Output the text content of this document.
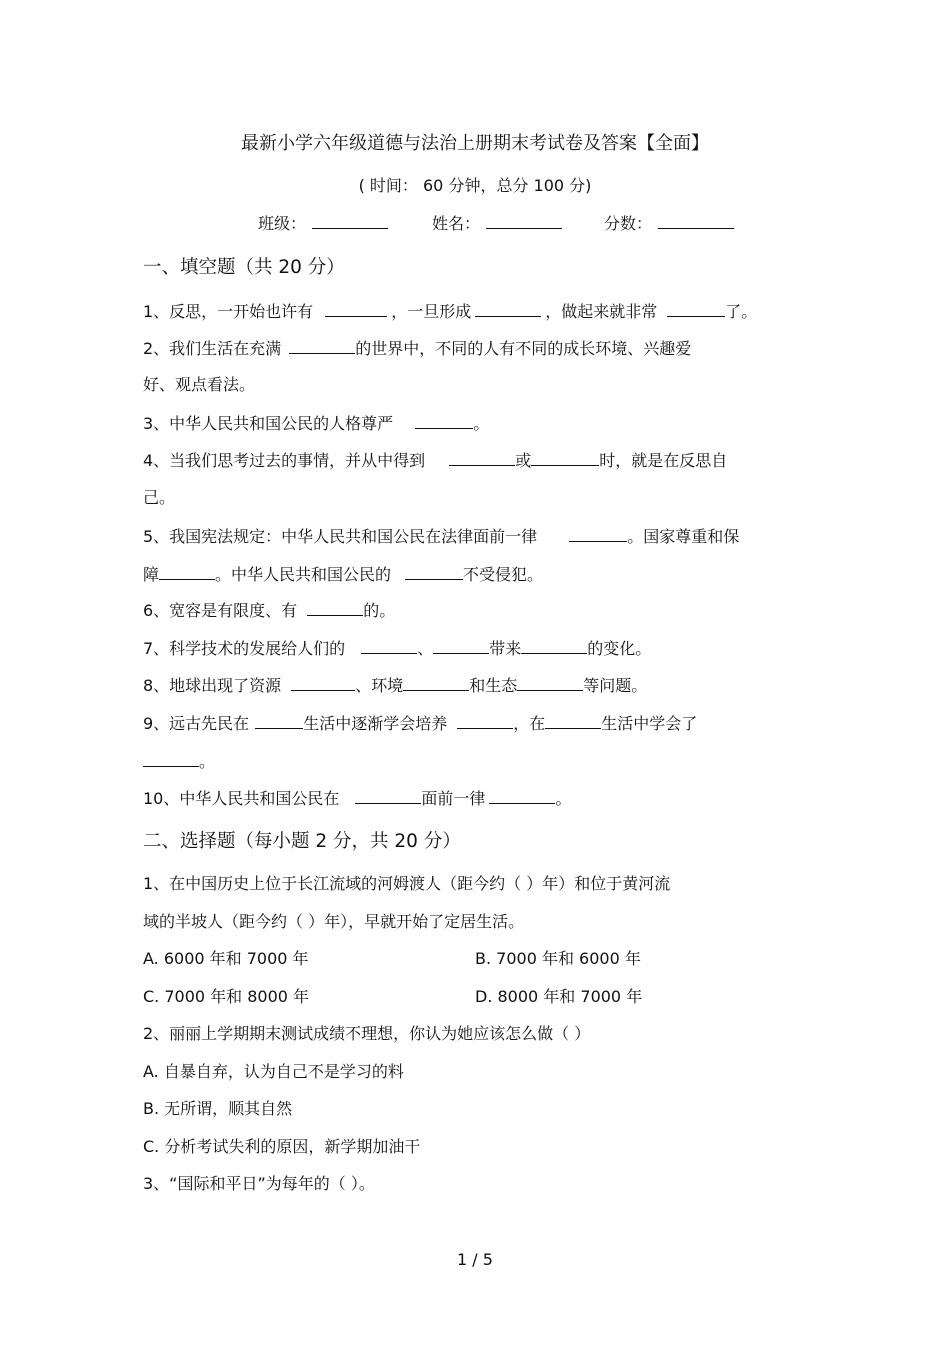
最新小学六年级道德与法治上册期末考试卷及答案【全面】
( 时间： 60 分钟，总分 100 分)
班级：	姓名：	分数：
一、填空题（共 20 分）
1、反思，一开始也许有	，一旦形成	，做起来就非常	了。
2、我们生活在充满	的世界中，不同的人有不同的成长环境、兴趣爱
好、观点看法。
3、中华人民共和国公民的人格尊严	。
4、当我们思考过去的事情，并从中得到	或	时，就是在反思自
己。
5、我国宪法规定：中华人民共和国公民在法律面前一律	。国家尊重和保
障	。中华人民共和国公民的	不受侵犯。
6、宽容是有限度、有	的。
7、科学技术的发展给人们的	、	带来	的变化。
8、地球出现了资源	、环境	和生态	等问题。
9、远古先民在	生活中逐渐学会培养	，在	生活中学会了
。
10、中华人民共和国公民在	面前一律	。
二、选择题（每小题 2 分，共 20 分）
1、在中国历史上位于长江流域的河姆渡人（距今约（ ）年）和位于黄河流
域的半坡人（距今约（ ）年），早就开始了定居生活。
A. 6000 年和 7000 年	B. 7000 年和 6000 年
C. 7000 年和 8000 年	D. 8000 年和 7000 年
2、丽丽上学期期末测试成绩不理想，你认为她应该怎么做（ ）
A. 自暴自弃，认为自己不是学习的料
B. 无所谓，顺其自然
C. 分析考试失利的原因，新学期加油干
3、“国际和平日”为每年的（ ）。
1 / 5
